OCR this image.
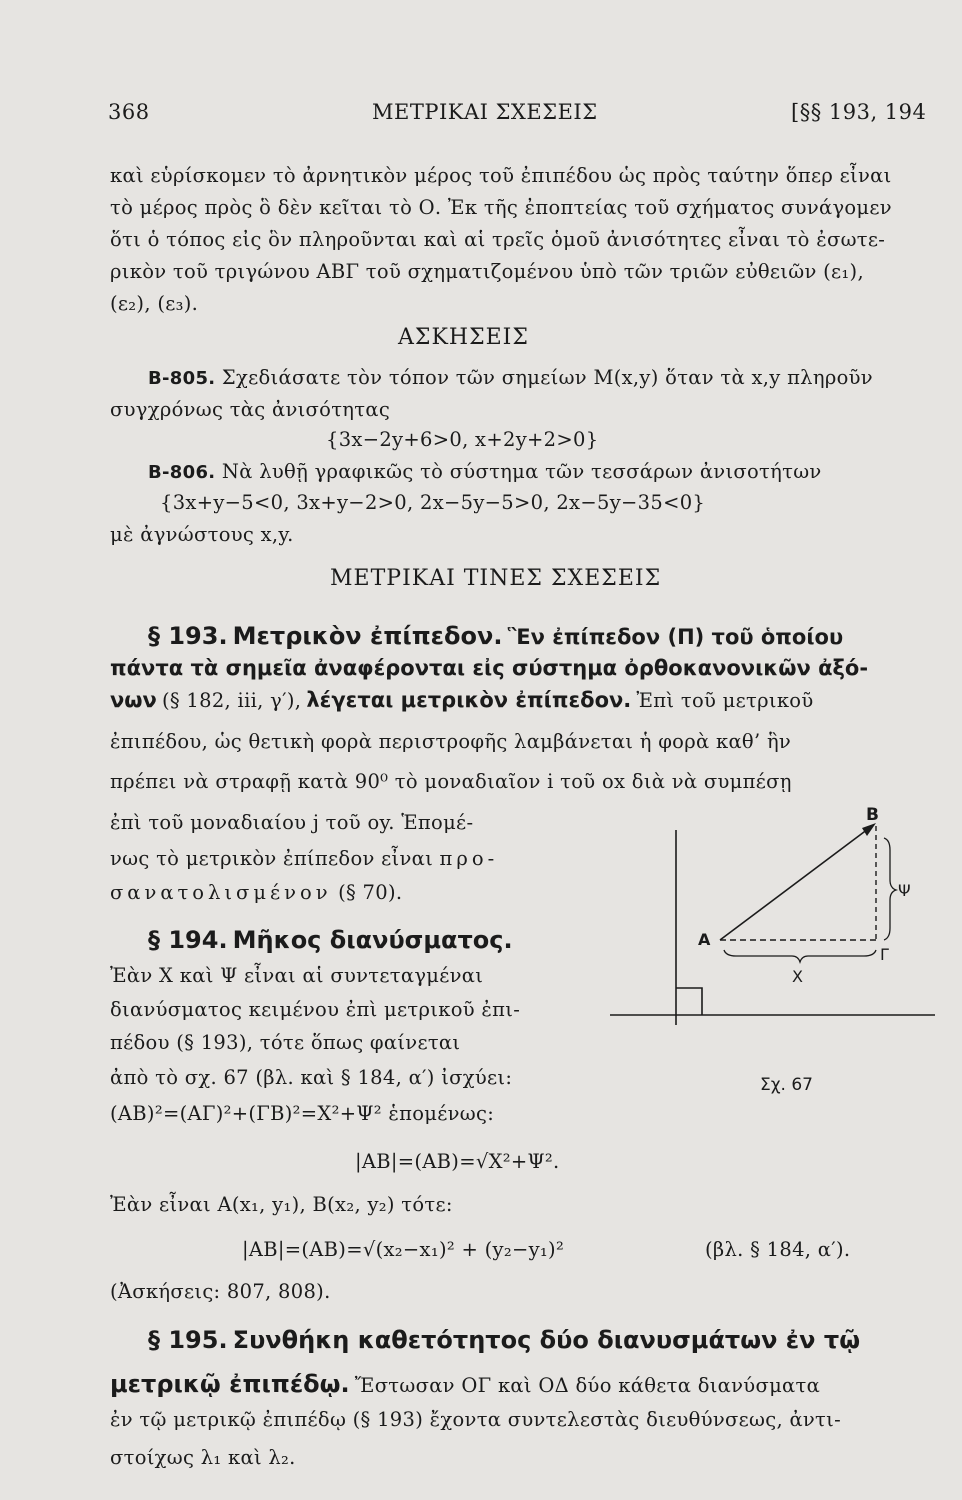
368	ΜΕΤΡΙΚΑΙ ΣΧΕΣΕΙΣ	[§§ 193, 194
καὶ εὑρίσκομεν τὸ ἀρνητικὸν μέρος τοῦ ἐπιπέδου ὡς πρὸς ταύτην ὅπερ εἶναι
τὸ μέρος πρὸς ὃ δὲν κεῖται τὸ Ο. Ἐκ τῆς ἐποπτείας τοῦ σχήματος συνάγομεν
ὅτι ὁ τόπος εἰς ὃν πληροῦνται καὶ αἱ τρεῖς ὁμοῦ ἀνισότητες εἶναι τὸ ἐσωτε-
ρικὸν τοῦ τριγώνου ΑΒΓ τοῦ σχηματιζομένου ὑπὸ τῶν τριῶν εὐθειῶν (ε₁),
(ε₂), (ε₃).
ΑΣΚΗΣΕΙΣ
B-805. Σχεδιάσατε τὸν τόπον τῶν σημείων M(x,y) ὅταν τὰ x,y πληροῦν
συγχρόνως τὰς ἀνισότητας
{3x−2y+6>0, x+2y+2>0}
B-806. Νὰ λυθῇ γραφικῶς τὸ σύστημα τῶν τεσσάρων ἀνισοτήτων
{3x+y−5<0, 3x+y−2>0, 2x−5y−5>0, 2x−5y−35<0}
μὲ ἀγνώστους x,y.
ΜΕΤΡΙΚΑΙ ΤΙΝΕΣ ΣΧΕΣΕΙΣ
§ 193. Μετρικὸν ἐπίπεδον. Ἓν ἐπίπεδον (Π) τοῦ ὁποίου
πάντα τὰ σημεῖα ἀναφέρονται εἰς σύστημα ὀρθοκανονικῶν ἀξό-
νων (§ 182, iii, γ′), λέγεται μετρικὸν ἐπίπεδον. Ἐπὶ τοῦ μετρικοῦ
ἐπιπέδου, ὡς θετικὴ φορὰ περιστροφῆς λαμβάνεται ἡ φορὰ καθ’ ἣν
πρέπει νὰ στραφῇ κατὰ 90⁰ τὸ μοναδιαῖον i τοῦ ox διὰ νὰ συμπέσῃ
ἐπὶ τοῦ μοναδιαίου j τοῦ oy. Ἑπομέ-
νως τὸ μετρικὸν ἐπίπεδον εἶναι προ-
σανατολισμένον (§ 70).
§ 194. Μῆκος διανύσματος.
Ἐὰν X καὶ Ψ εἶναι αἱ συντεταγμέναι
διανύσματος κειμένου ἐπὶ μετρικοῦ ἐπι-
πέδου (§ 193), τότε ὅπως φαίνεται
ἀπὸ τὸ σχ. 67 (βλ. καὶ § 184, α′) ἰσχύει:
(AB)²=(AΓ)²+(ΓB)²=X²+Ψ² ἑπομένως:
|AB|=(AB)=√X²+Ψ².
Ἐὰν εἶναι A(x₁, y₁), B(x₂, y₂) τότε:
|AB|=(AB)=√(x₂−x₁)² + (y₂−y₁)²	(βλ. § 184, α′).
(Ἀσκήσεις: 807, 808).
§ 195. Συνθήκη καθετότητος δύο διανυσμάτων ἐν τῷ
μετρικῷ ἐπιπέδῳ. Ἔστωσαν ΟΓ καὶ ΟΔ δύο κάθετα διανύσματα
ἐν τῷ μετρικῷ ἐπιπέδῳ (§ 193) ἔχοντα συντελεστὰς διευθύνσεως, ἀντι-
στοίχως λ₁ καὶ λ₂.
B
A
Γ
Ψ
X
Σχ. 67
